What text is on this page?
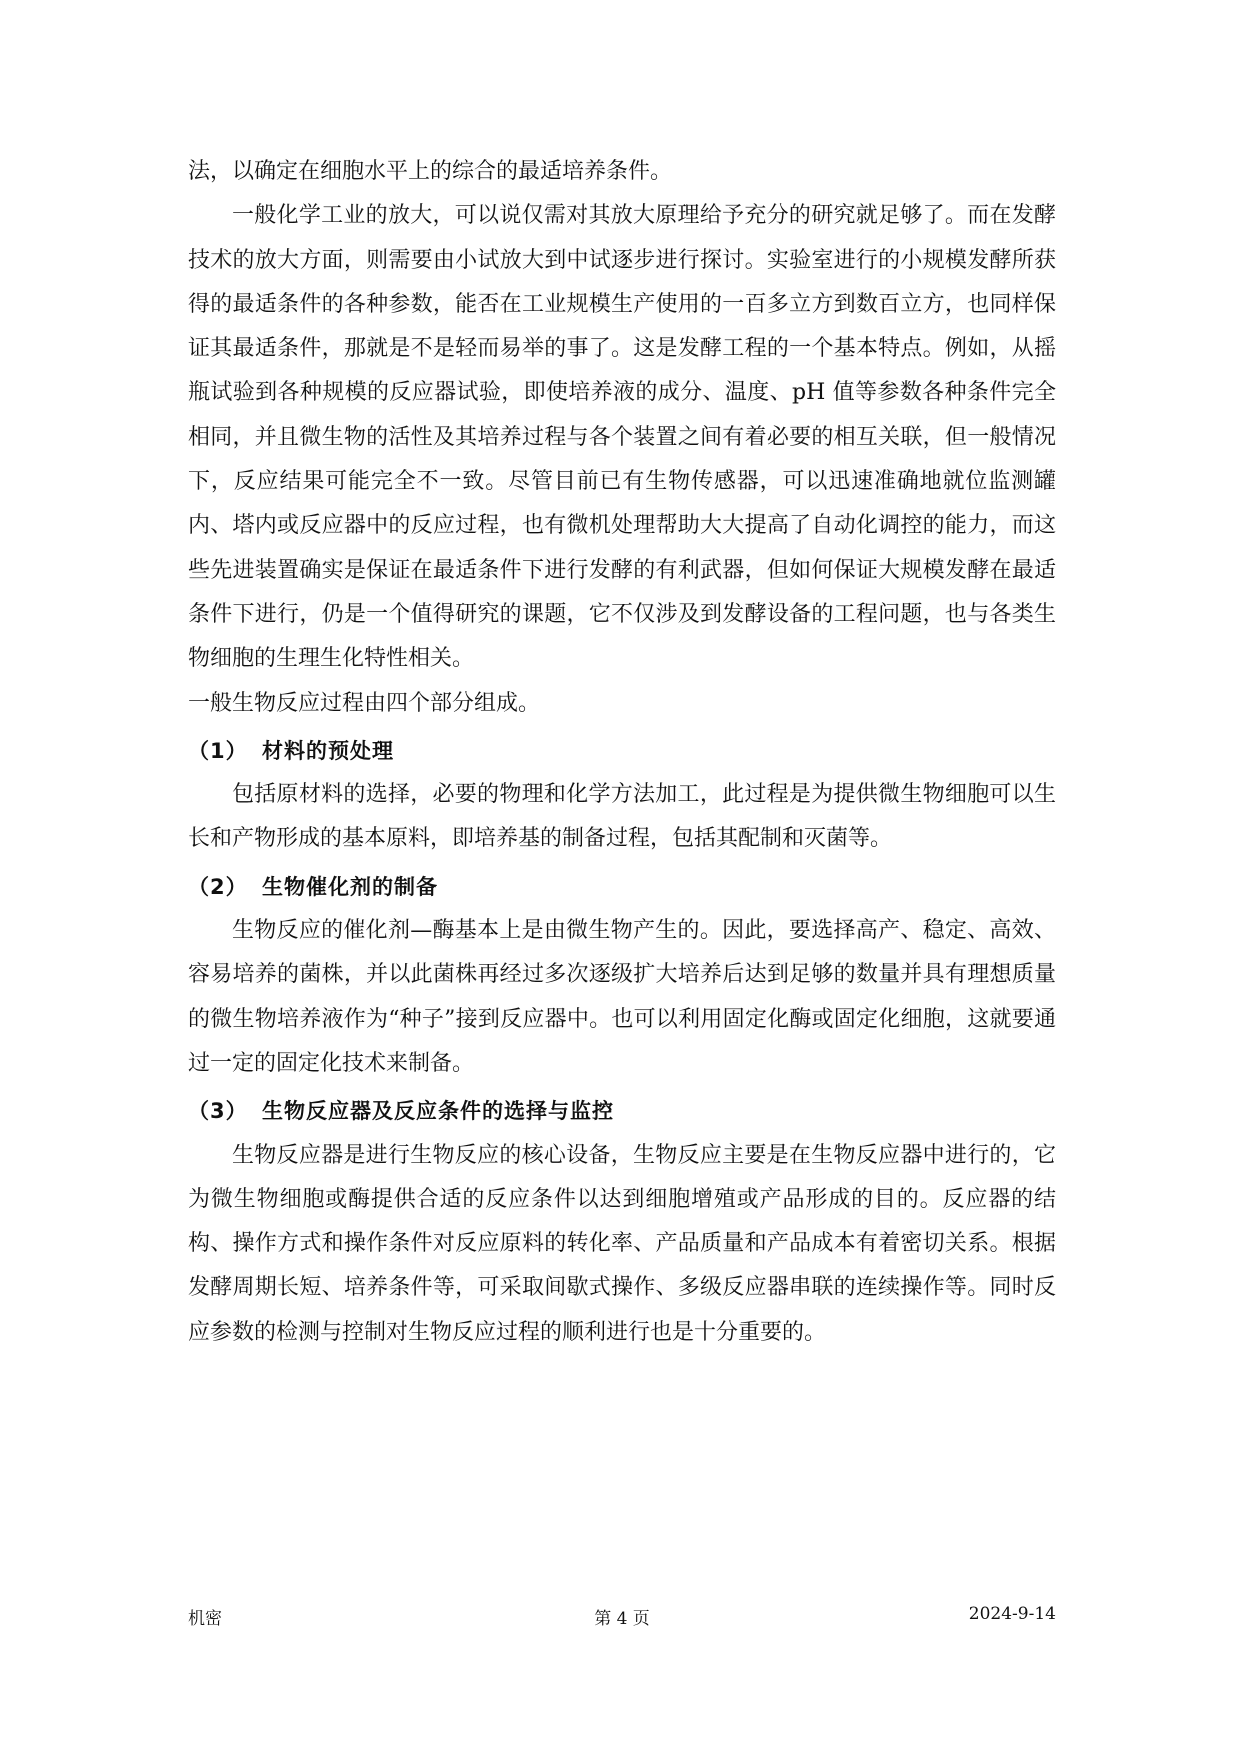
法，以确定在细胞水平上的综合的最适培养条件。

一般化学工业的放大，可以说仅需对其放大原理给予充分的研究就足够了。而在发酵技术的放大方面，则需要由小试放大到中试逐步进行探讨。实验室进行的小规模发酵所获得的最适条件的各种参数，能否在工业规模生产使用的一百多立方到数百立方，也同样保证其最适条件，那就是不是轻而易举的事了。这是发酵工程的一个基本特点。例如，从摇瓶试验到各种规模的反应器试验，即使培养液的成分、温度、pH 值等参数各种条件完全相同，并且微生物的活性及其培养过程与各个装置之间有着必要的相互关联，但一般情况下，反应结果可能完全不一致。尽管目前已有生物传感器，可以迅速准确地就位监测罐内、塔内或反应器中的反应过程，也有微机处理帮助大大提高了自动化调控的能力，而这些先进装置确实是保证在最适条件下进行发酵的有利武器，但如何保证大规模发酵在最适条件下进行，仍是一个值得研究的课题，它不仅涉及到发酵设备的工程问题，也与各类生物细胞的生理生化特性相关。

一般生物反应过程由四个部分组成。

（1） 材料的预处理

包括原材料的选择，必要的物理和化学方法加工，此过程是为提供微生物细胞可以生长和产物形成的基本原料，即培养基的制备过程，包括其配制和灭菌等。

（2） 生物催化剂的制备

生物反应的催化剂—酶基本上是由微生物产生的。因此，要选择高产、稳定、高效、容易培养的菌株，并以此菌株再经过多次逐级扩大培养后达到足够的数量并具有理想质量的微生物培养液作为“种子”接到反应器中。也可以利用固定化酶或固定化细胞，这就要通过一定的固定化技术来制备。

（3） 生物反应器及反应条件的选择与监控

生物反应器是进行生物反应的核心设备，生物反应主要是在生物反应器中进行的，它为微生物细胞或酶提供合适的反应条件以达到细胞增殖或产品形成的目的。反应器的结构、操作方式和操作条件对反应原料的转化率、产品质量和产品成本有着密切关系。根据发酵周期长短、培养条件等，可采取间歇式操作、多级反应器串联的连续操作等。同时反应参数的检测与控制对生物反应过程的顺利进行也是十分重要的。

机密	第 4 页	2024-9-14
